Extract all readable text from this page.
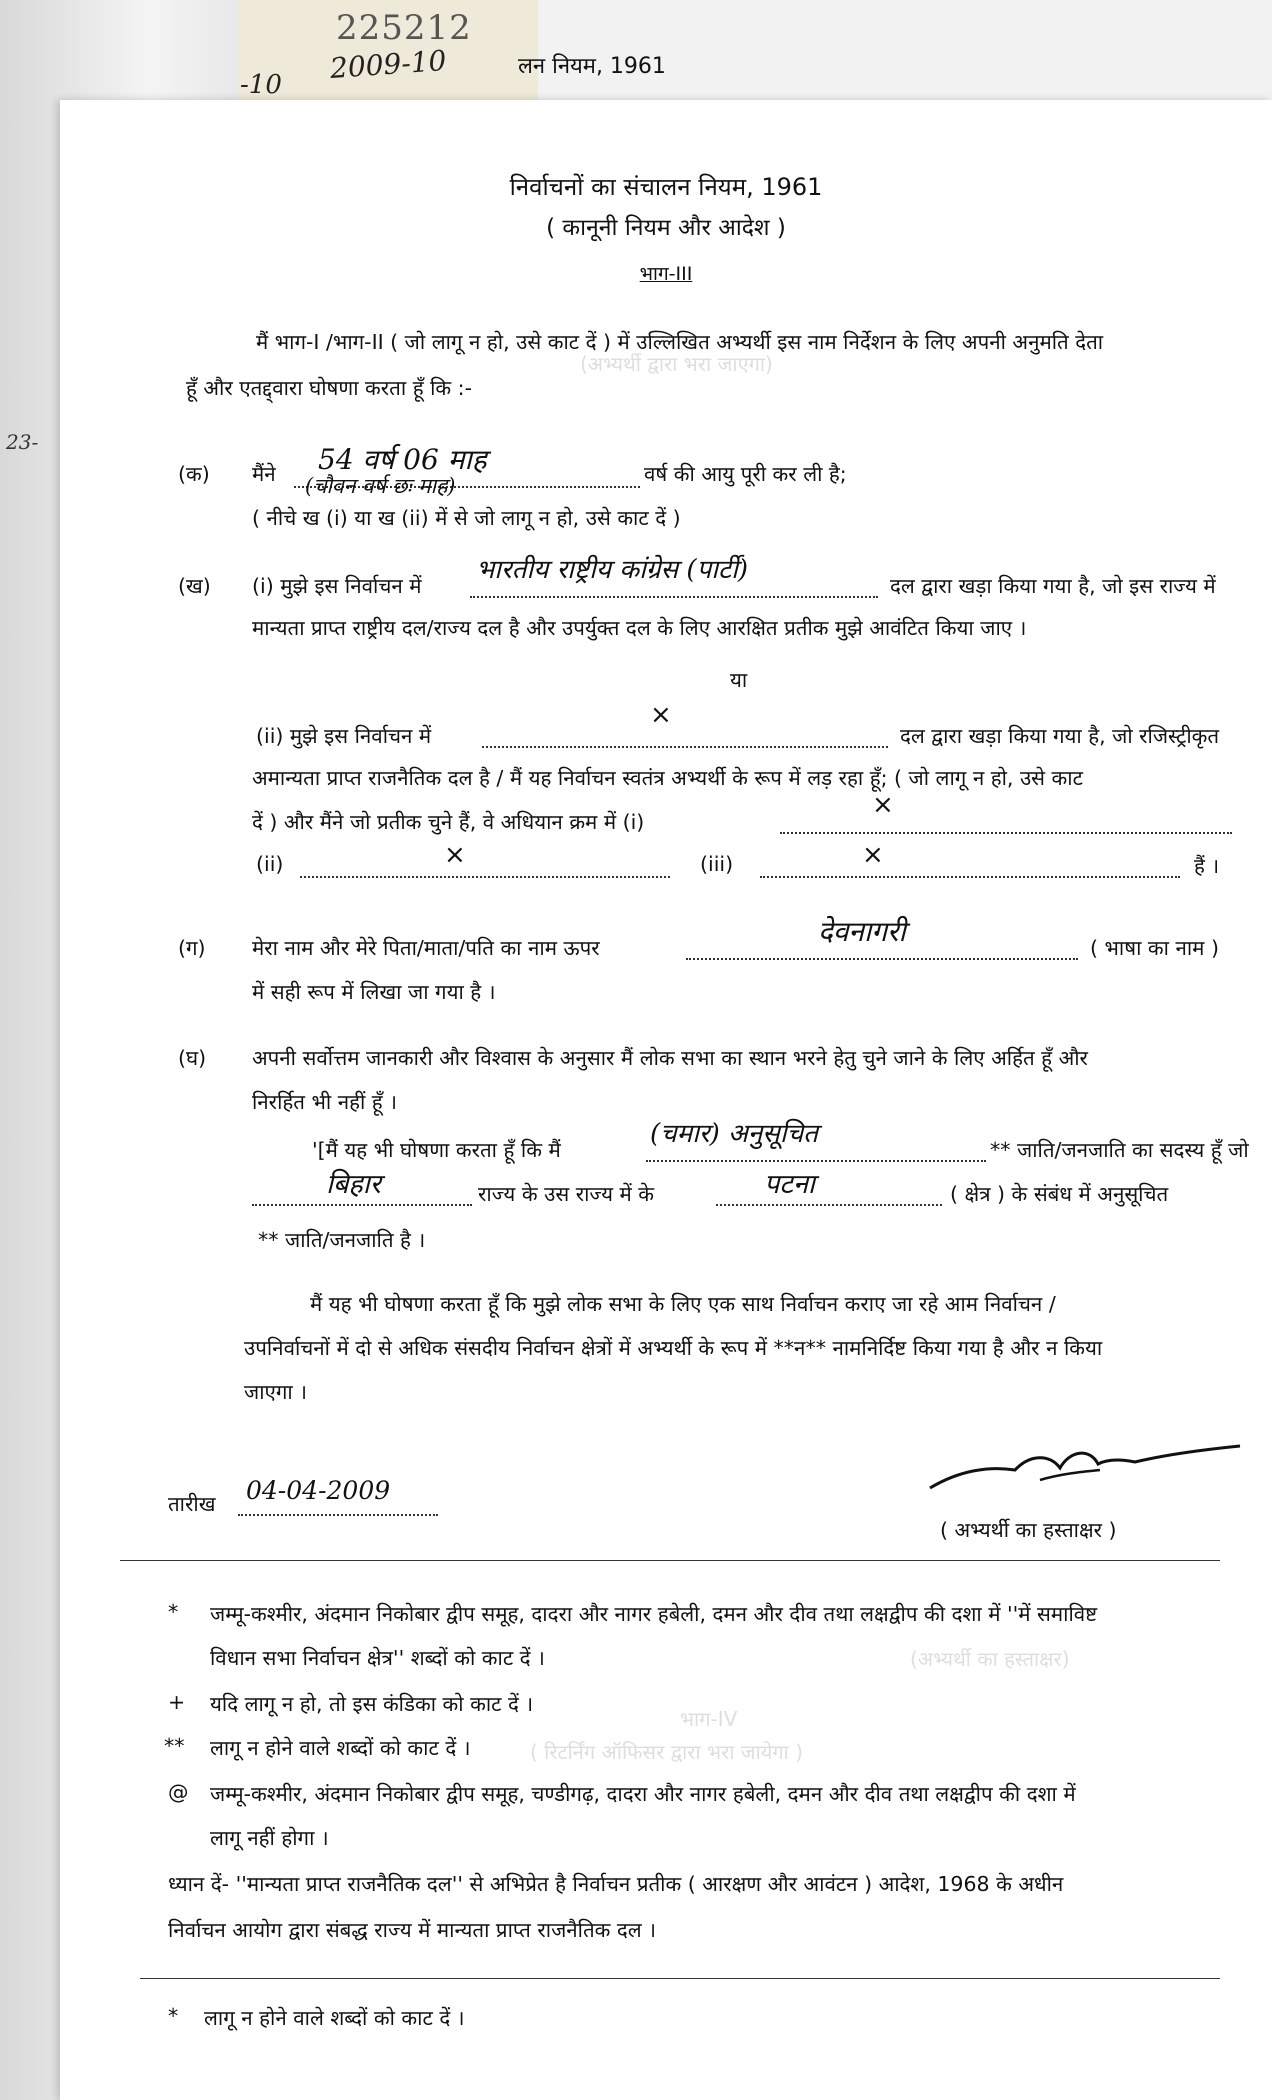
225212
2009-10
-10
लन नियम, 1961
23-
(अभ्यर्थी द्वारा भरा जाएगा)
भाग-IV
( रिटर्निंग ऑफिसर द्वारा भरा जायेगा )
(अभ्यर्थी का हस्ताक्षर)
निर्वाचनों का संचालन नियम, 1961
( कानूनी नियम और आदेश )
भाग-III
मैं भाग-I /भाग-II ( जो लागू न हो, उसे काट दें ) में उल्लिखित अभ्यर्थी इस नाम निर्देशन के लिए अपनी अनुमति देता
हूँ और एतद्द्वारा घोषणा करता हूँ कि :-
(क) मैंने 54 वर्ष 06 माह
(चौवन वर्ष छः माह)	वर्ष की आयु पूरी कर ली है;
( नीचे ख (i) या ख (ii) में से जो लागू न हो, उसे काट दें )
(ख) (i) मुझे इस निर्वाचन में
भारतीय राष्ट्रीय कांग्रेस (पार्टी)
दल द्वारा खड़ा किया गया है, जो इस राज्य में
मान्यता प्राप्त राष्ट्रीय दल/राज्य दल है और उपर्युक्त दल के लिए आरक्षित प्रतीक मुझे आवंटित किया जाए ।
या
(ii) मुझे इस निर्वाचन में
×
दल द्वारा खड़ा किया गया है, जो रजिस्ट्रीकृत
अमान्यता प्राप्त राजनैतिक दल है / मैं यह निर्वाचन स्वतंत्र अभ्यर्थी के रूप में लड़ रहा हूँ; ( जो लागू न हो, उसे काट
दें ) और मैंने जो प्रतीक चुने हैं, वे अधियान क्रम में (i)
×
(ii)	×	(iii)	×	हैं ।
(ग) मेरा नाम और मेरे पिता/माता/पति का नाम ऊपर	देवनागरी	( भाषा का नाम )
में सही रूप में लिखा जा गया है ।
(घ) अपनी सर्वोत्तम जानकारी और विश्वास के अनुसार मैं लोक सभा का स्थान भरने हेतु चुने जाने के लिए अर्हित हूँ और
निरर्हित भी नहीं हूँ ।
'[मैं यह भी घोषणा करता हूँ कि मैं
(चमार) अनुसूचित
** जाति/जनजाति का सदस्य हूँ जो
बिहार	राज्य के उस राज्य में के	पटना	( क्षेत्र ) के संबंध में अनुसूचित
** जाति/जनजाति है ।
मैं यह भी घोषणा करता हूँ कि मुझे लोक सभा के लिए एक साथ निर्वाचन कराए जा रहे आम निर्वाचन /
उपनिर्वाचनों में दो से अधिक संसदीय निर्वाचन क्षेत्रों में अभ्यर्थी के रूप में **न** नामनिर्दिष्ट किया गया है और न किया
जाएगा ।
तारीख 04-04-2009
( अभ्यर्थी का हस्ताक्षर )
* जम्मू-कश्मीर, अंदमान निकोबार द्वीप समूह, दादरा और नागर हबेली, दमन और दीव तथा लक्षद्वीप की दशा में ''में समाविष्ट
विधान सभा निर्वाचन क्षेत्र'' शब्दों को काट दें ।
+ यदि लागू न हो, तो इस कंडिका को काट दें ।
** लागू न होने वाले शब्दों को काट दें ।
@ जम्मू-कश्मीर, अंदमान निकोबार द्वीप समूह, चण्डीगढ़, दादरा और नागर हबेली, दमन और दीव तथा लक्षद्वीप की दशा में
लागू नहीं होगा ।
ध्यान दें- ''मान्यता प्राप्त राजनैतिक दल'' से अभिप्रेत है निर्वाचन प्रतीक ( आरक्षण और आवंटन ) आदेश, 1968 के अधीन
निर्वाचन आयोग द्वारा संबद्ध राज्य में मान्यता प्राप्त राजनैतिक दल ।
* लागू न होने वाले शब्दों को काट दें ।
